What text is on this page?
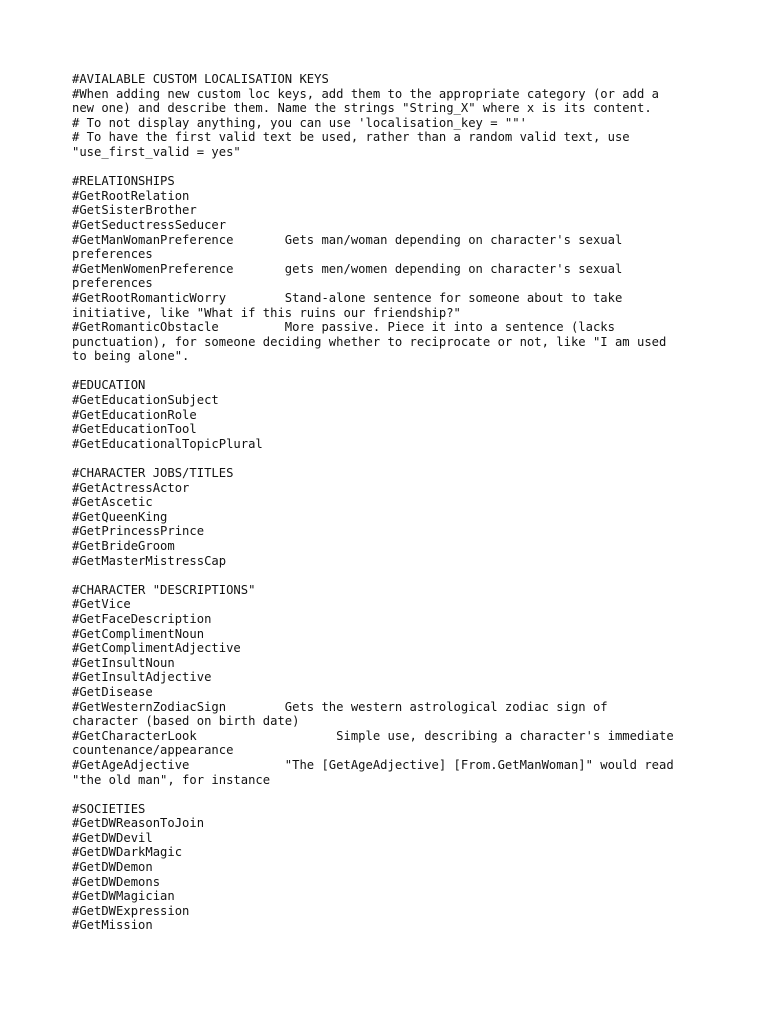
#AVIALABLE CUSTOM LOCALISATION KEYS
#When adding new custom loc keys, add them to the appropriate category (or add a
new one) and describe them. Name the strings "String_X" where x is its content.
# To not display anything, you can use 'localisation_key = ""'
# To have the first valid text be used, rather than a random valid text, use
"use_first_valid = yes"
#RELATIONSHIPS
#GetRootRelation
#GetSisterBrother
#GetSeductressSeducer
#GetManWomanPreference       Gets man/woman depending on character's sexual
preferences
#GetMenWomenPreference       gets men/women depending on character's sexual
preferences
#GetRootRomanticWorry        Stand-alone sentence for someone about to take
initiative, like "What if this ruins our friendship?"
#GetRomanticObstacle         More passive. Piece it into a sentence (lacks
punctuation), for someone deciding whether to reciprocate or not, like "I am used
to being alone".
#EDUCATION
#GetEducationSubject
#GetEducationRole
#GetEducationTool
#GetEducationalTopicPlural
#CHARACTER JOBS/TITLES
#GetActressActor
#GetAscetic
#GetQueenKing
#GetPrincessPrince
#GetBrideGroom
#GetMasterMistressCap
#CHARACTER "DESCRIPTIONS"
#GetVice
#GetFaceDescription
#GetComplimentNoun
#GetComplimentAdjective
#GetInsultNoun
#GetInsultAdjective
#GetDisease
#GetWesternZodiacSign        Gets the western astrological zodiac sign of
character (based on birth date)
#GetCharacterLook                   Simple use, describing a character's immediate
countenance/appearance
#GetAgeAdjective             "The [GetAgeAdjective] [From.GetManWoman]" would read
"the old man", for instance
#SOCIETIES
#GetDWReasonToJoin
#GetDWDevil
#GetDWDarkMagic
#GetDWDemon
#GetDWDemons
#GetDWMagician
#GetDWExpression
#GetMission
